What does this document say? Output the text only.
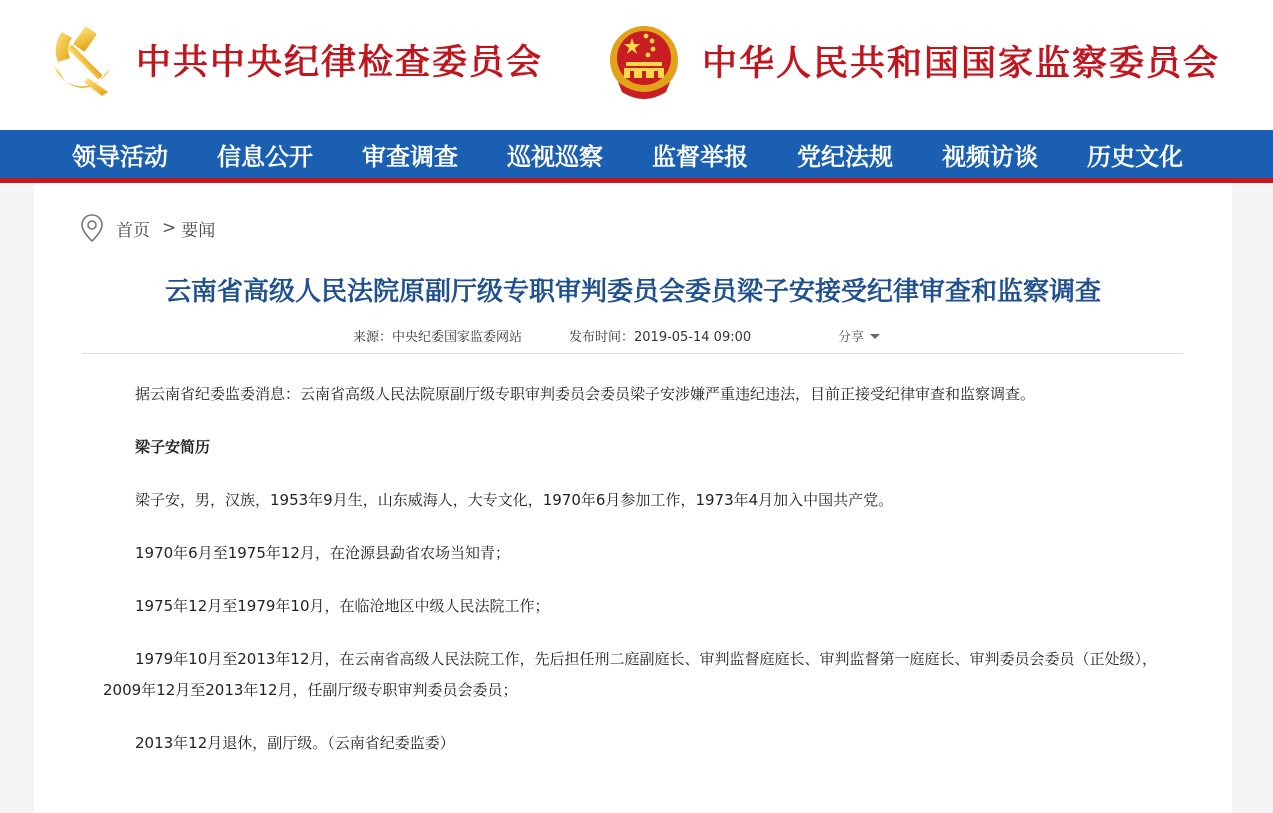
中共中央纪律检查委员会	中华人民共和国国家监察委员会
领导活动	信息公开	审查调查	巡视巡察	监督举报	党纪法规	视频访谈	历史文化
首页 > 要闻
云南省高级人民法院原副厅级专职审判委员会委员梁子安接受纪律审查和监察调查
来源：中央纪委国家监委网站	发布时间：2019-05-14 09:00	分享

据云南省纪委监委消息：云南省高级人民法院原副厅级专职审判委员会委员梁子安涉嫌严重违纪违法，目前正接受纪律审查和监察调查。

梁子安简历

梁子安，男，汉族，1953年9月生，山东威海人，大专文化，1970年6月参加工作，1973年4月加入中国共产党。

1970年6月至1975年12月，在沧源县勐省农场当知青；

1975年12月至1979年10月，在临沧地区中级人民法院工作；

1979年10月至2013年12月，在云南省高级人民法院工作，先后担任刑二庭副庭长、审判监督庭庭长、审判监督第一庭庭长、审判委员会委员（正处级），2009年12月至2013年12月，任副厅级专职审判委员会委员；

2013年12月退休，副厅级。（云南省纪委监委）
